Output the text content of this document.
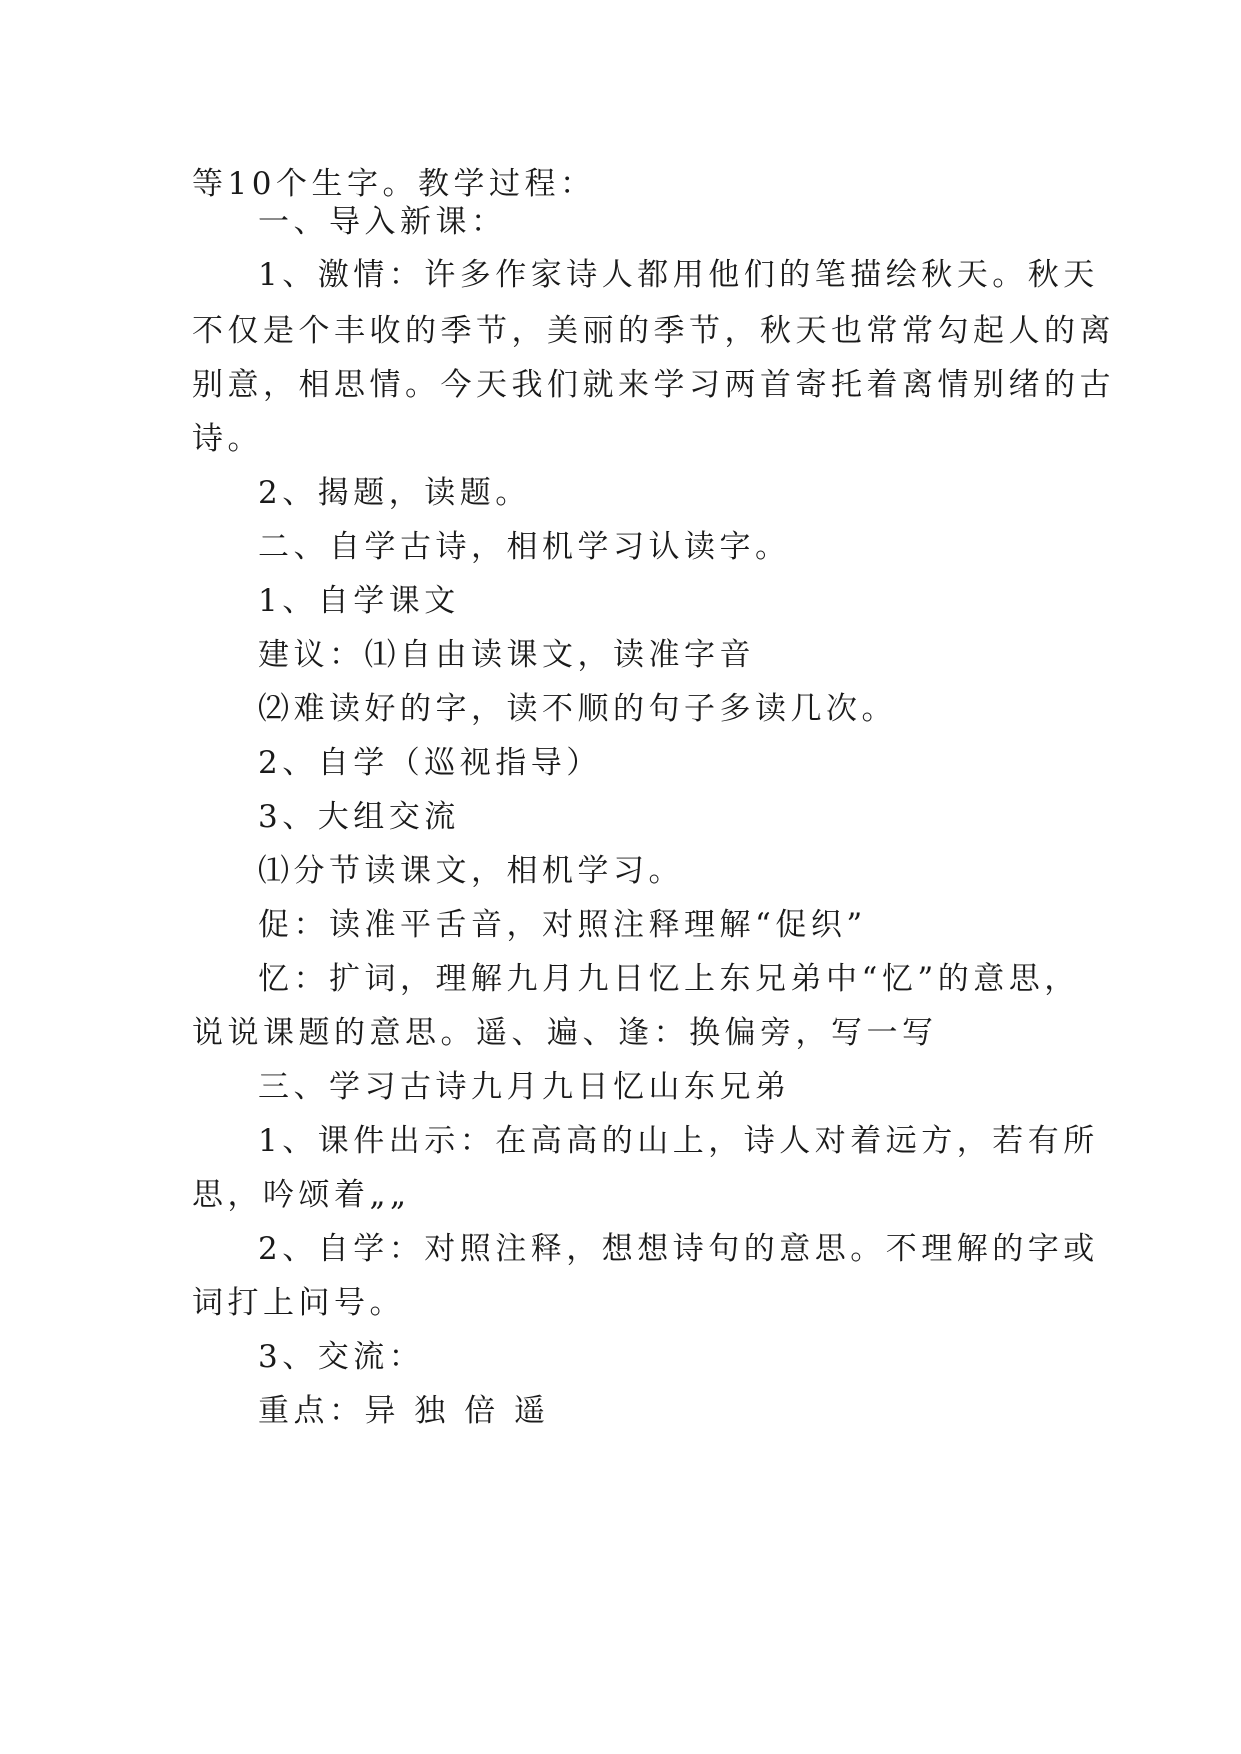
等10个生字。教学过程：
一、导入新课：
1、激情：许多作家诗人都用他们的笔描绘秋天。秋天
不仅是个丰收的季节，美丽的季节，秋天也常常勾起人的离
别意，相思情。今天我们就来学习两首寄托着离情别绪的古
诗。
2、揭题，读题。
二、自学古诗，相机学习认读字。
1、自学课文
建议：⑴自由读课文，读准字音
⑵难读好的字，读不顺的句子多读几次。
2、自学（巡视指导）
3、大组交流
⑴分节读课文，相机学习。
促：读准平舌音，对照注释理解“促织”
忆：扩词，理解九月九日忆上东兄弟中“忆”的意思，
说说课题的意思。遥、遍、逢：换偏旁，写一写
三、学习古诗九月九日忆山东兄弟
1、课件出示：在高高的山上，诗人对着远方，若有所
思，吟颂着„„
2、自学：对照注释，想想诗句的意思。不理解的字或
词打上问号。
3、交流：
重点：异 独 倍 遥
